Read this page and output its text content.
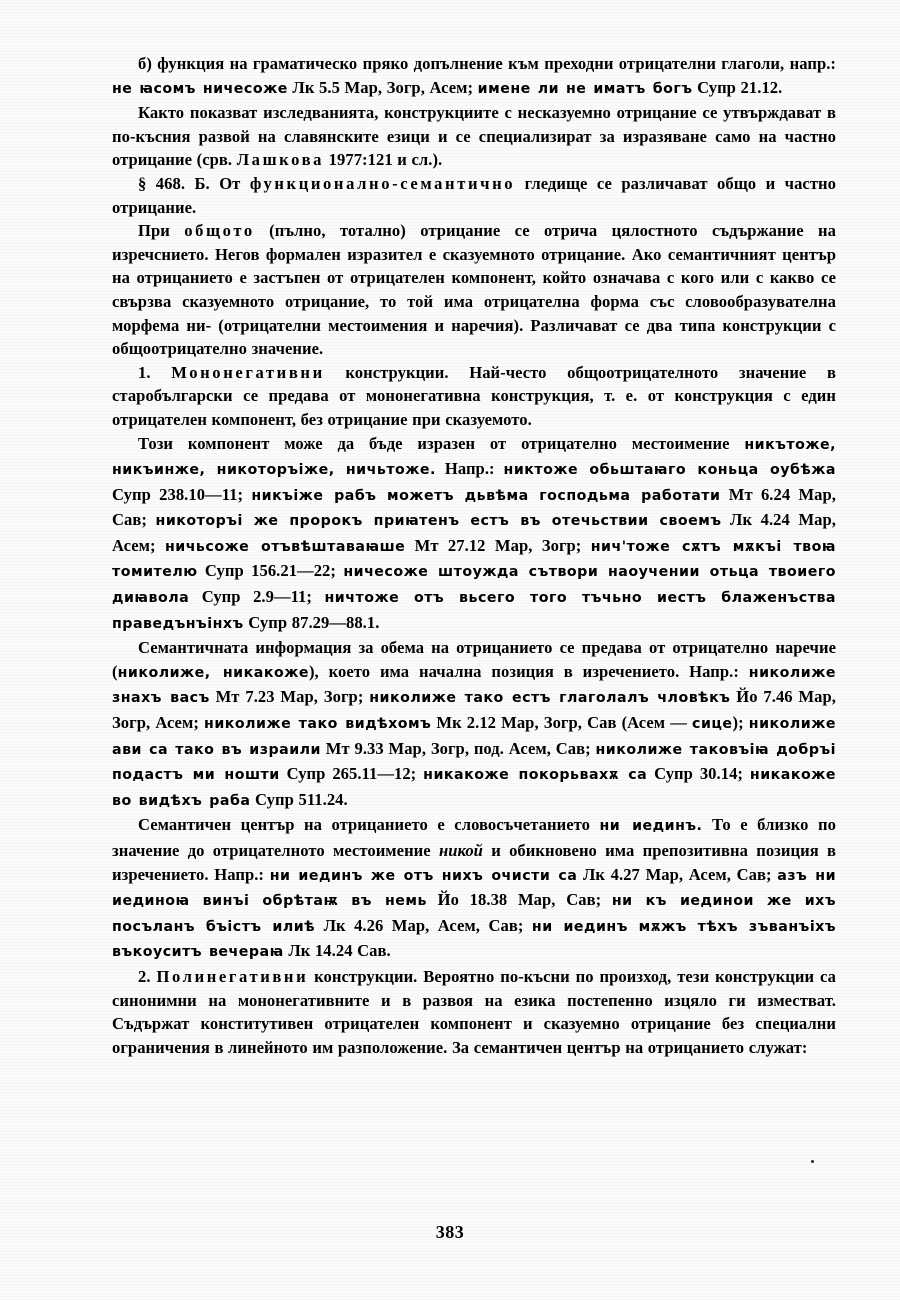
б) функция на граматическо пряко допълнение към преходни отрицателни глаголи, напр.: не ꙗсомъ ничесоже Лк 5.5 Мар, Зогр, Асем; имене ли не иматъ богъ Супр 21.12.

Както показват изследванията, конструкциите с несказуемно отрицание се утвърждават в по-късния развой на славянските езици и се специализират за изразяване само на частно отрицание (срв. Лашкова 1977:121 и сл.).

§ 468. Б. От функционално-семантично гледище се различават общо и частно отрицание.

При общото (пълно, тотално) отрицание се отрича цялостното съдържание на изречснието. Негов формален изразител е сказуемното отрицание. Ако семантичният център на отрицанието е застъпен от отрицателен компонент, който означава с кого или с какво се свързва сказуемното отрицание, то той има отрицателна форма със словообразувателна морфема ни- (отрицателни местоимения и наречия). Различават се два типа конструкции с общоотрицателно значение.

1. Мононегативни конструкции. Най-често общоотрицателното значение в старобългарски се предава от мононегативна конструкция, т. е. от конструкция с един отрицателен компонент, без отрицание при сказуемото.

Този компонент може да бъде изразен от отрицателно местоимение никътоже, никъинже, никоторъіже, ничьтоже. Напр.: никтоже обьштаꙗго коньца оубѣжа Супр 238.10—11; никъіже рабъ можетъ дьвѣма господьма работати Мт 6.24 Мар, Сав; никоторъі же пророкъ приꙗтенъ естъ въ отечьствии своемъ Лк 4.24 Мар, Асем; ничьсоже отъвѣштаваꙗше Мт 27.12 Мар, Зогр; нич'тоже сѫтъ мѫкъі твоꙗ томителю Супр 156.21—22; ничесоже штоужда сътвори наоучении отьца твоиего диꙗвола Супр 2.9—11; ничтоже отъ вьсего того тъчьно иестъ блаженъства праведънъінхъ Супр 87.29—88.1.

Семантичната информация за обема на отрицанието се предава от отрицателно наречие (николиже, никакоже), което има начална позиция в изречението. Напр.: николиже знахъ васъ Мт 7.23 Мар, Зогр; николиже тако естъ глаголалъ чловѣкъ Йо 7.46 Мар, Зогр, Асем; николиже тако видѣхомъ Мк 2.12 Мар, Зогр, Сав (Асем — сице); николиже ави са тако въ израили Мт 9.33 Мар, Зогр, под. Асем, Сав; николиже таковъіꙗ добръі подастъ ми ношти Супр 265.11—12; никакоже покорьвахѫ са Супр 30.14; никакоже во видѣхъ раба Супр 511.24.

Семантичен център на отрицанието е словосъчетанието ни иединъ. То е близко по значение до отрицателното местоимение никой и обикновено има препозитивна позиция в изречението. Напр.: ни иединъ же отъ нихъ очисти са Лк 4.27 Мар, Асем, Сав; азъ ни иединоꙗ винъі обрѣтаѭ въ немь Йо 18.38 Мар, Сав; ни къ иединои же ихъ посъланъ бъістъ илиѣ Лк 4.26 Мар, Асем, Сав; ни иединъ мѫжъ тѣхъ зъванъіхъ въкоуситъ вечераꙗ Лк 14.24 Сав.

2. Полинегативни конструкции. Вероятно по-късни по произход, тези конструкции са синонимни на мононегативните и в развоя на езика постепенно изцяло ги изместват. Съдържат конститутивен отрицателен компонент и сказуемно отрицание без специални ограничения в линейното им разположение. За семантичен център на отрицанието служат:

383
